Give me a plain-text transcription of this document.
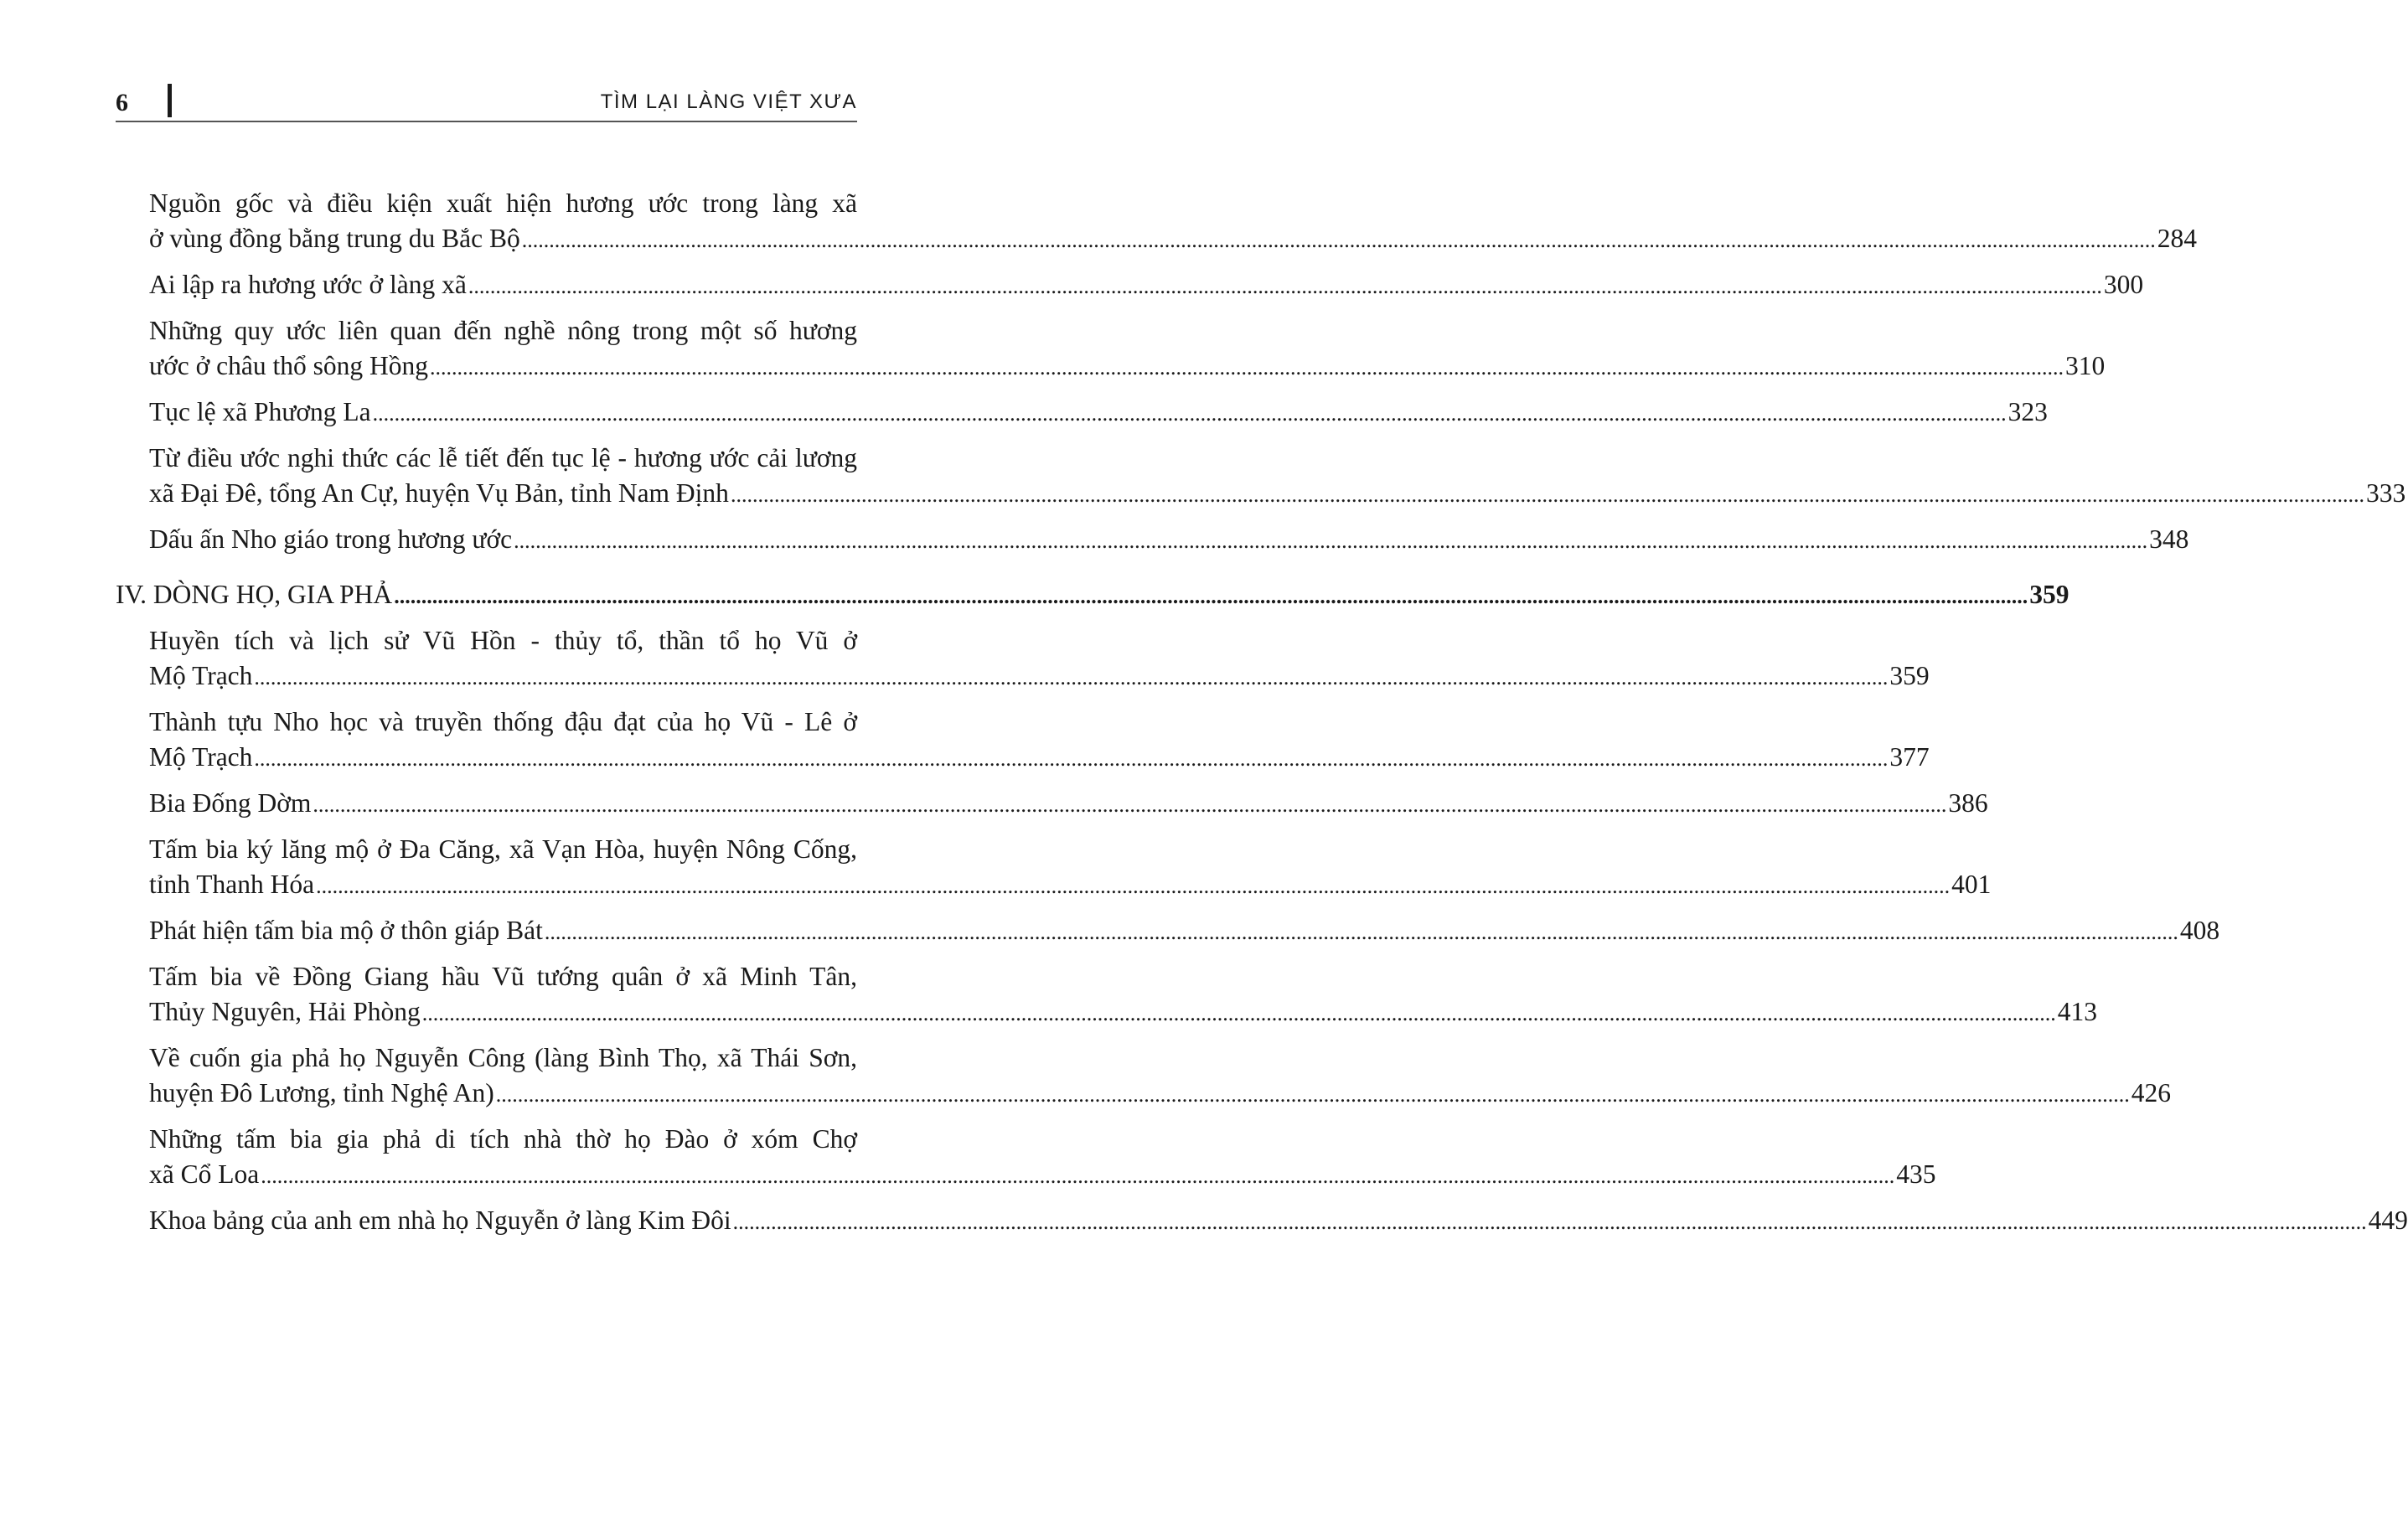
6	TÌM LẠI LÀNG VIỆT XƯA
Nguồn gốc và điều kiện xuất hiện hương ước trong làng xã
ở vùng đồng bằng trung du Bắc Bộ ............................................................................................................................................................................................................................................................................................................ 284
Ai lập ra hương ước ở làng xã ............................................................................................................................................................................................................................................................................................................ 300
Những quy ước liên quan đến nghề nông trong một số hương
ước ở châu thổ sông Hồng ............................................................................................................................................................................................................................................................................................................ 310
Tục lệ xã Phương La ............................................................................................................................................................................................................................................................................................................ 323
Từ điều ước nghi thức các lễ tiết đến tục lệ - hương ước cải lương
xã Đại Đê, tổng An Cự, huyện Vụ Bản, tỉnh Nam Định ............................................................................................................................................................................................................................................................................................................ 333
Dấu ấn Nho giáo trong hương ước ............................................................................................................................................................................................................................................................................................................ 348
IV. DÒNG HỌ, GIA PHẢ ............................................................................................................................................................................................................................................................................................................ 359
Huyền tích và lịch sử Vũ Hồn - thủy tổ, thần tổ họ Vũ ở
Mộ Trạch ............................................................................................................................................................................................................................................................................................................ 359
Thành tựu Nho học và truyền thống đậu đạt của họ Vũ - Lê ở
Mộ Trạch ............................................................................................................................................................................................................................................................................................................ 377
Bia Đống Dờm ............................................................................................................................................................................................................................................................................................................ 386
Tấm bia ký lăng mộ ở Đa Căng, xã Vạn Hòa, huyện Nông Cống,
tỉnh Thanh Hóa ............................................................................................................................................................................................................................................................................................................ 401
Phát hiện tấm bia mộ ở thôn giáp Bát ............................................................................................................................................................................................................................................................................................................ 408
Tấm bia về Đồng Giang hầu Vũ tướng quân ở xã Minh Tân,
Thủy Nguyên, Hải Phòng ............................................................................................................................................................................................................................................................................................................ 413
Về cuốn gia phả họ Nguyễn Công (làng Bình Thọ, xã Thái Sơn,
huyện Đô Lương, tỉnh Nghệ An) ............................................................................................................................................................................................................................................................................................................ 426
Những tấm bia gia phả di tích nhà thờ họ Đào ở xóm Chợ
xã Cổ Loa ............................................................................................................................................................................................................................................................................................................ 435
Khoa bảng của anh em nhà họ Nguyễn ở làng Kim Đôi ............................................................................................................................................................................................................................................................................................................ 449
